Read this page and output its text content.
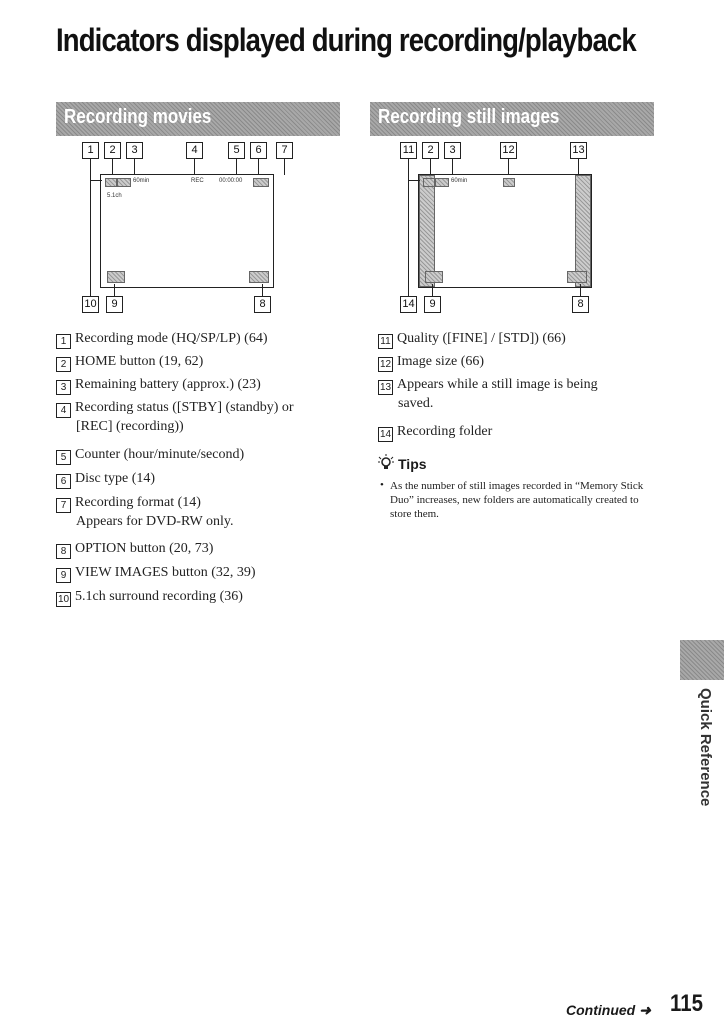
Indicators displayed during recording/playback
Recording movies
1	2	3	4	5	6	7
60min	REC	00:00:00
5.1ch
10	9	8
1 Recording mode (HQ/SP/LP) (64)
2 HOME button (19, 62)
3 Remaining battery (approx.) (23)
4 Recording status ([STBY] (standby) or
[REC] (recording))
5 Counter (hour/minute/second)
6 Disc type (14)
7 Recording format (14)
Appears for DVD-RW only.
8 OPTION button (20, 73)
9 VIEW IMAGES button (32, 39)
10 5.1ch surround recording (36)
Recording still images
11	2	3	12	13
60min
14	9	8
11 Quality ([FINE] / [STD]) (66)
12 Image size (66)
13 Appears while a still image is being
saved.
14 Recording folder
Tips
• As the number of still images recorded in “Memory Stick Duo” increases, new folders are automatically created to store them.
Quick Reference
Continued ➜ 115
